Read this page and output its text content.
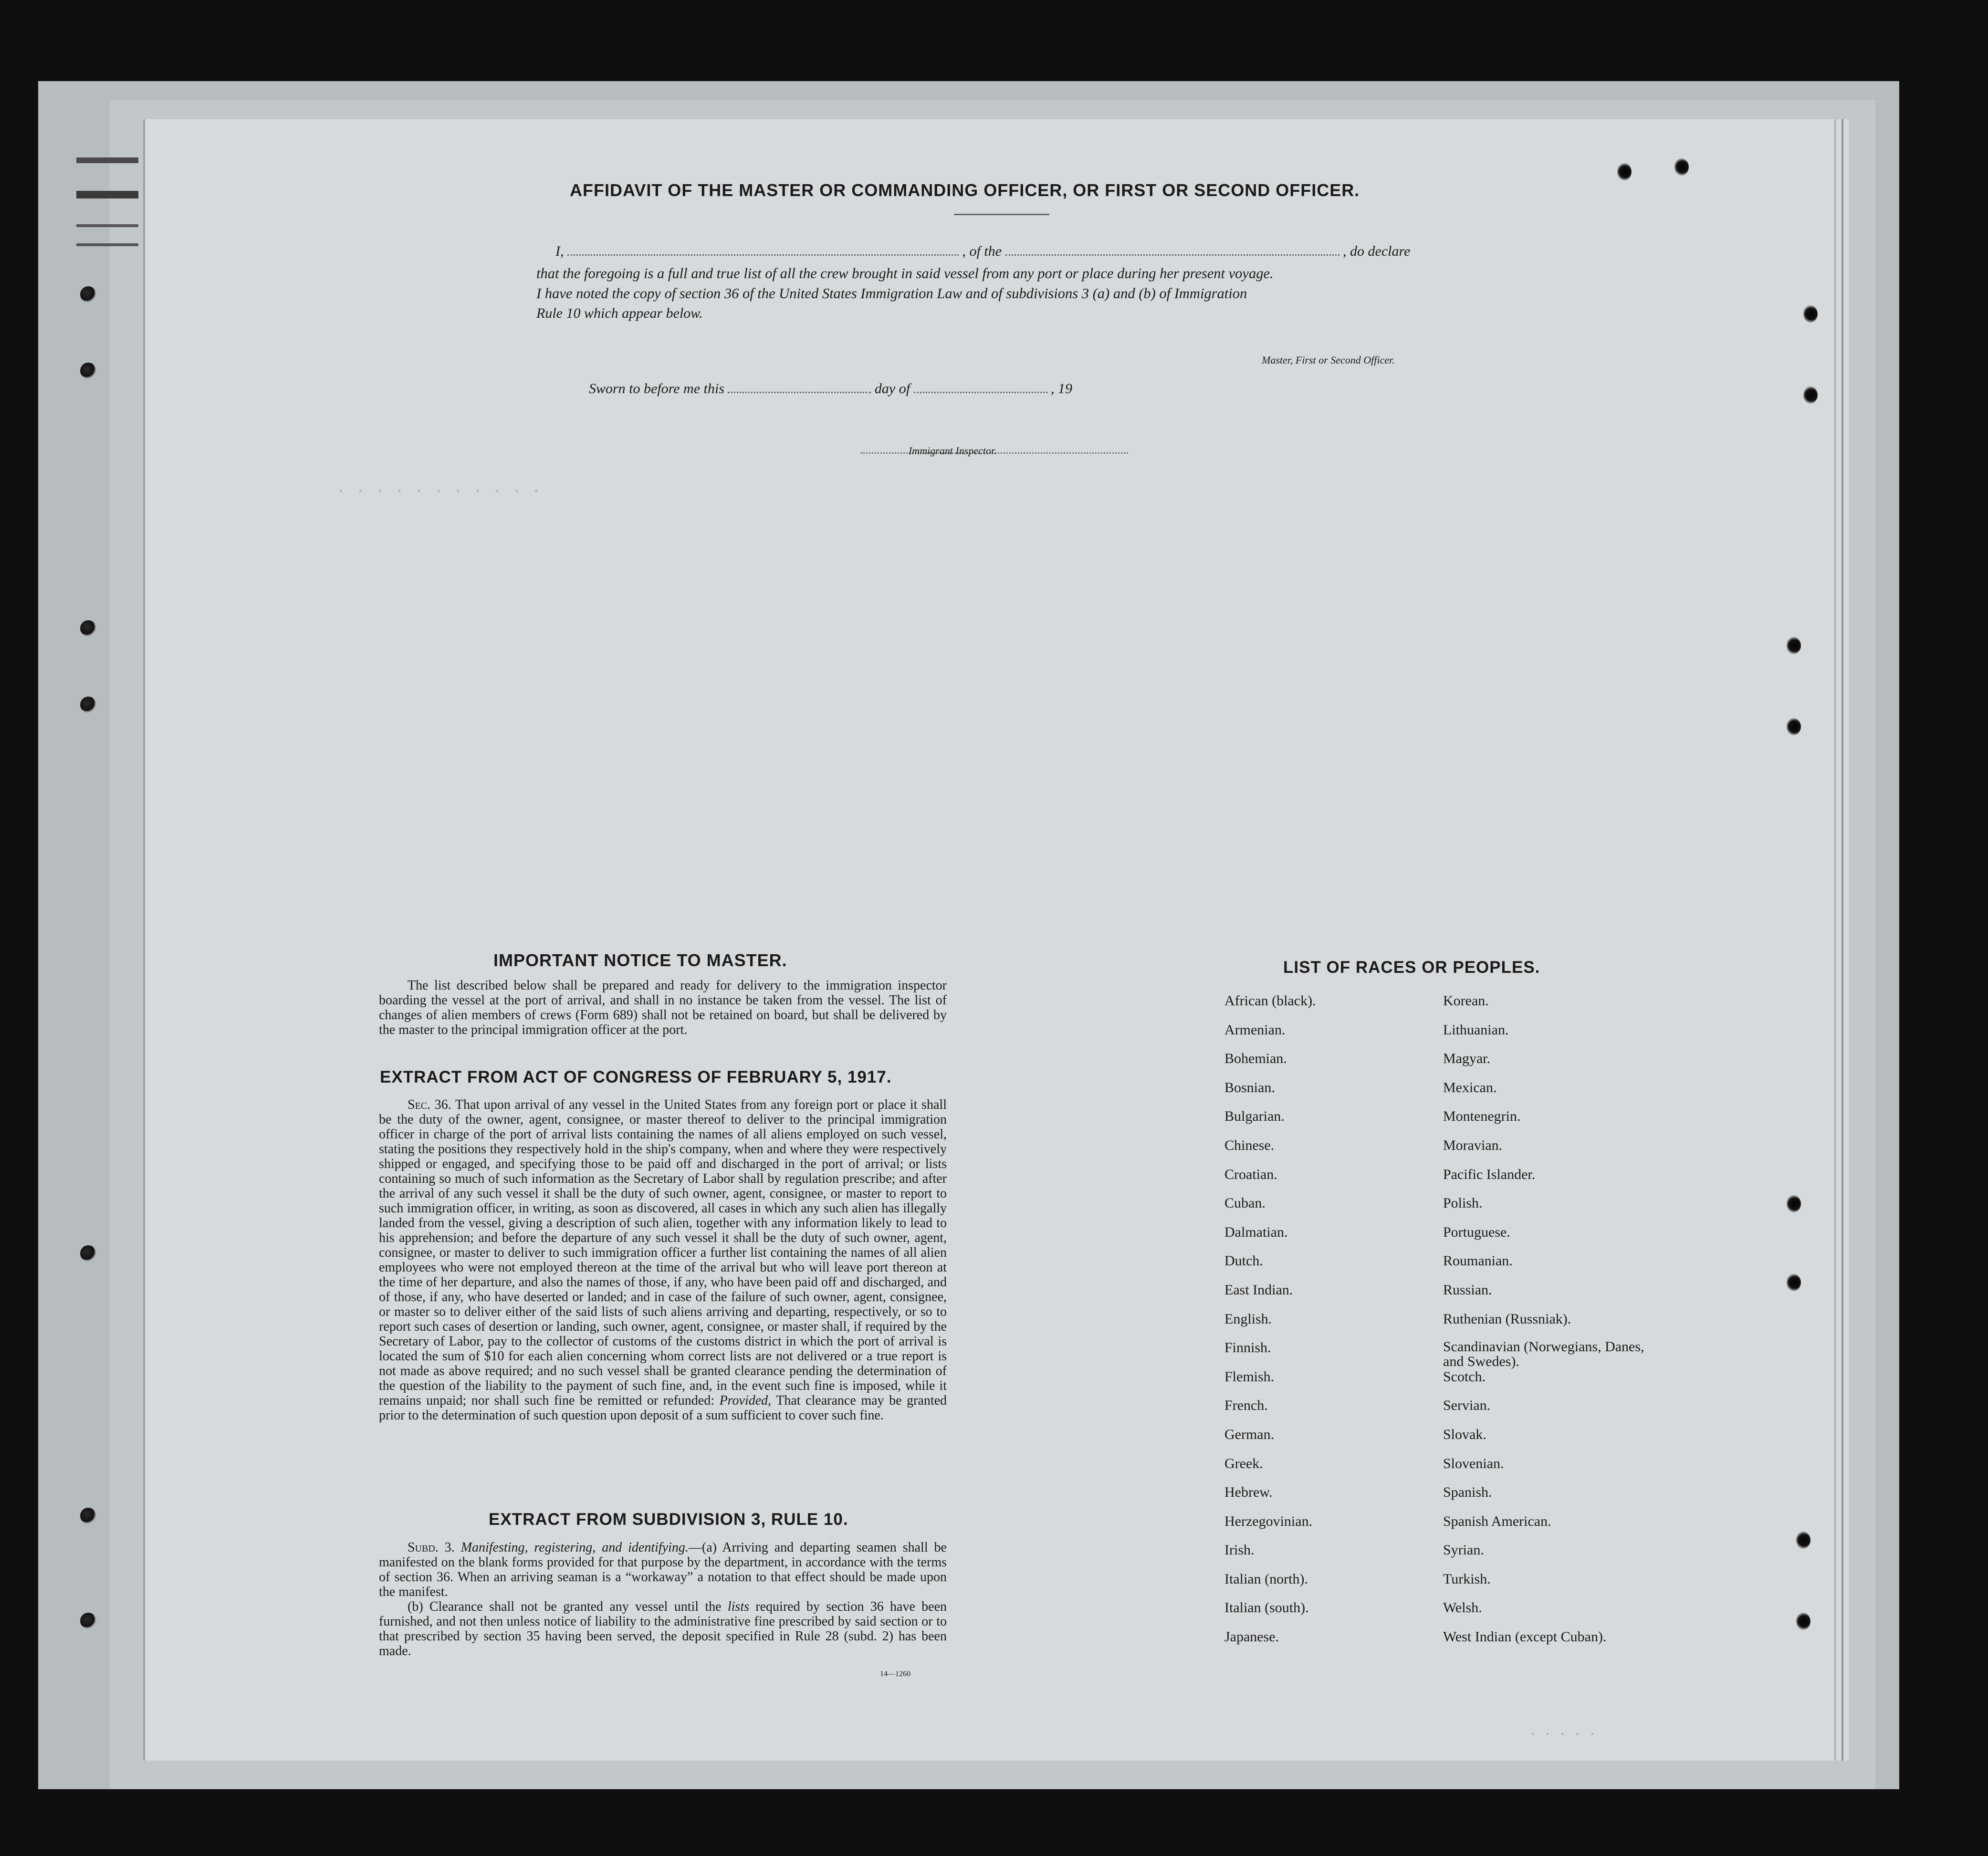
· · · · · · · · · · ·
AFFIDAVIT OF THE MASTER OR COMMANDING OFFICER, OR FIRST OR SECOND OFFICER.
I,	, of the	, do declare
that the foregoing is a full and true list of all the crew brought in said vessel from any port or place during her present voyage.
I have noted the copy of section 36 of the United States Immigration Law and of subdivisions 3 (a) and (b) of Immigration
Rule 10 which appear below.
Master, First or Second Officer.
Sworn to before me this	day of	, 19
Immigrant Inspector.
IMPORTANT NOTICE TO MASTER.
The list described below shall be prepared and ready for delivery to the immigration inspector boarding the vessel at the port of arrival, and shall in no instance be taken from the vessel. The list of changes of alien members of crews (Form 689) shall not be retained on board, but shall be delivered by the master to the principal immigration officer at the port.
EXTRACT FROM ACT OF CONGRESS OF FEBRUARY 5, 1917.
Sec. 36. That upon arrival of any vessel in the United States from any foreign port or place it shall be the duty of the owner, agent, consignee, or master thereof to deliver to the principal immigration officer in charge of the port of arrival lists containing the names of all aliens employed on such vessel, stating the positions they respectively hold in the ship's company, when and where they were respectively shipped or engaged, and specifying those to be paid off and discharged in the port of arrival; or lists containing so much of such information as the Secretary of Labor shall by regulation prescribe; and after the arrival of any such vessel it shall be the duty of such owner, agent, consignee, or master to report to such immigration officer, in writing, as soon as discovered, all cases in which any such alien has illegally landed from the vessel, giving a description of such alien, together with any information likely to lead to his apprehension; and before the departure of any such vessel it shall be the duty of such owner, agent, consignee, or master to deliver to such immigration officer a further list containing the names of all alien employees who were not employed thereon at the time of the arrival but who will leave port thereon at the time of her departure, and also the names of those, if any, who have been paid off and discharged, and of those, if any, who have deserted or landed; and in case of the failure of such owner, agent, consignee, or master so to deliver either of the said lists of such aliens arriving and departing, respectively, or so to report such cases of desertion or landing, such owner, agent, consignee, or master shall, if required by the Secretary of Labor, pay to the collector of customs of the customs district in which the port of arrival is located the sum of $10 for each alien concerning whom correct lists are not delivered or a true report is not made as above required; and no such vessel shall be granted clearance pending the determination of the question of the liability to the payment of such fine, and, in the event such fine is imposed, while it remains unpaid; nor shall such fine be remitted or refunded: Provided, That clearance may be granted prior to the determination of such question upon deposit of a sum sufficient to cover such fine.
EXTRACT FROM SUBDIVISION 3, RULE 10.
Subd. 3. Manifesting, registering, and identifying.—(a) Arriving and departing seamen shall be manifested on the blank forms provided for that purpose by the department, in accordance with the terms of section 36. When an arriving seaman is a “workaway” a notation to that effect should be made upon the manifest.
(b) Clearance shall not be granted any vessel until the lists required by section 36 have been furnished, and not then unless notice of liability to the administrative fine prescribed by said section or to that prescribed by section 35 having been served, the deposit specified in Rule 28 (subd. 2) has been made.
14—1260
LIST OF RACES OR PEOPLES.
African (black).
Armenian.
Bohemian.
Bosnian.
Bulgarian.
Chinese.
Croatian.
Cuban.
Dalmatian.
Dutch.
East Indian.
English.
Finnish.
Flemish.
French.
German.
Greek.
Hebrew.
Herzegovinian.
Irish.
Italian (north).
Italian (south).
Japanese.
Korean.
Lithuanian.
Magyar.
Mexican.
Montenegrin.
Moravian.
Pacific Islander.
Polish.
Portuguese.
Roumanian.
Russian.
Ruthenian (Russniak).
Scandinavian (Norwegians, Danes, and Swedes).
Scotch.
Servian.
Slovak.
Slovenian.
Spanish.
Spanish American.
Syrian.
Turkish.
Welsh.
West Indian (except Cuban).
· · · · ·
